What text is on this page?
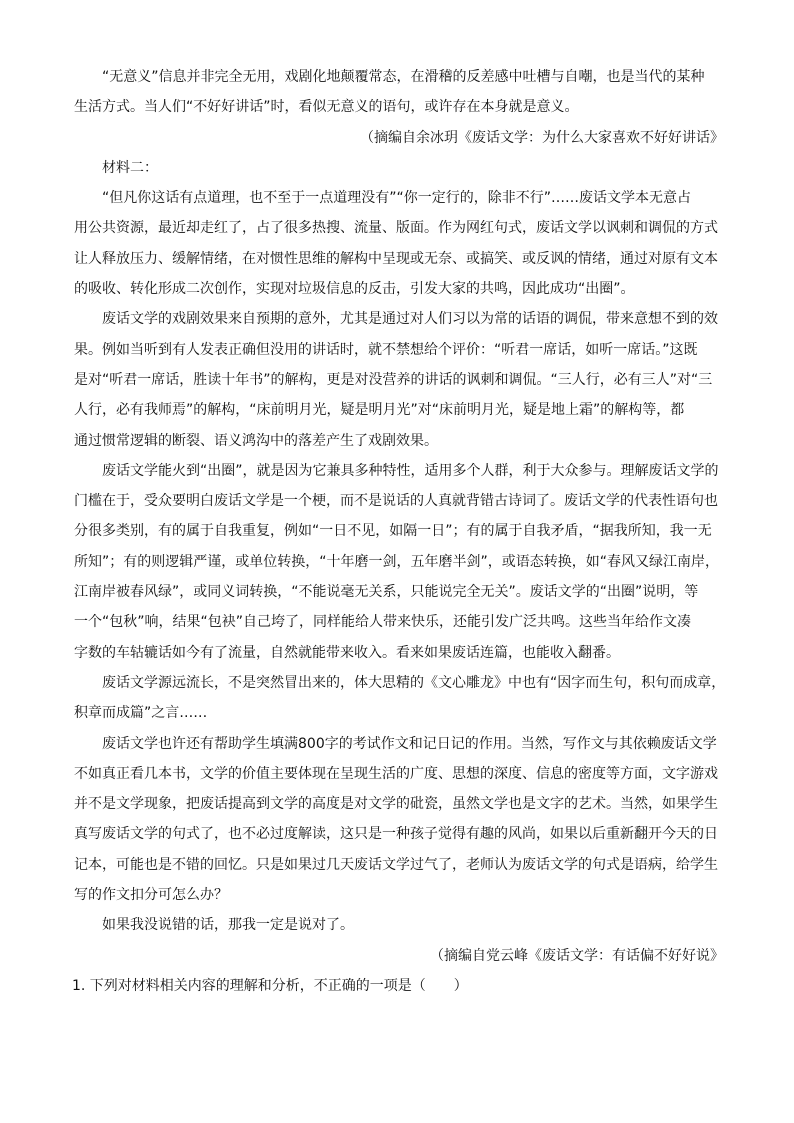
“无意义”信息并非完全无用，戏剧化地颠覆常态，在滑稽的反差感中吐槽与自嘲，也是当代的某种
生活方式。当人们“不好好讲话”时，看似无意义的语句，或许存在本身就是意义。

（摘编自余冰玥《废话文学：为什么大家喜欢不好好讲话》

材料二：

“但凡你这话有点道理，也不至于一点道理没有”“你一定行的，除非不行”……废话文学本无意占
用公共资源，最近却走红了，占了很多热搜、流量、版面。作为网红句式，废话文学以讽刺和调侃的方式
让人释放压力、缓解情绪，在对惯性思维的解构中呈现或无奈、或搞笑、或反讽的情绪，通过对原有文本
的吸收、转化形成二次创作，实现对垃圾信息的反击，引发大家的共鸣，因此成功“出圈”。

废话文学的戏剧效果来自预期的意外，尤其是通过对人们习以为常的话语的调侃，带来意想不到的效
果。例如当听到有人发表正确但没用的讲话时，就不禁想给个评价：“听君一席话，如听一席话。”这既
是对“听君一席话，胜读十年书”的解构，更是对没营养的讲话的讽刺和调侃。“三人行，必有三人”对“三
人行，必有我师焉”的解构，“床前明月光，疑是明月光”对“床前明月光，疑是地上霜”的解构等，都
通过惯常逻辑的断裂、语义鸿沟中的落差产生了戏剧效果。

废话文学能火到“出圈”，就是因为它兼具多种特性，适用多个人群，利于大众参与。理解废话文学的
门槛在于，受众要明白废话文学是一个梗，而不是说话的人真就背错古诗词了。废话文学的代表性语句也
分很多类别，有的属于自我重复，例如“一日不见，如隔一日”；有的属于自我矛盾，“据我所知，我一无
所知”；有的则逻辑严谨，或单位转换，“十年磨一剑，五年磨半剑”，或语态转换，如“春风又绿江南岸，
江南岸被春风绿”，或同义词转换，“不能说毫无关系，只能说完全无关”。废话文学的“出圈”说明，等
一个“包秋”响，结果“包袂”自己垮了，同样能给人带来快乐，还能引发广泛共鸣。这些当年给作文凑
字数的车轱辘话如今有了流量，自然就能带来收入。看来如果废话连篇，也能收入翻番。

废话文学源远流长，不是突然冒出来的，体大思精的《文心雕龙》中也有“因字而生句，积句而成章，
积章而成篇”之言……

废话文学也许还有帮助学生填满800字的考试作文和记日记的作用。当然，写作文与其依赖废话文学
不如真正看几本书，文学的价值主要体现在呈现生活的广度、思想的深度、信息的密度等方面，文字游戏
并不是文学现象，把废话提高到文学的高度是对文学的砒瓷，虽然文学也是文字的艺术。当然，如果学生
真写废话文学的句式了，也不必过度解读，这只是一种孩子觉得有趣的风尚，如果以后重新翻开今天的日
记本，可能也是不错的回忆。只是如果过几天废话文学过气了，老师认为废话文学的句式是语病，给学生
写的作文扣分可怎么办？

如果我没说错的话，那我一定是说对了。

（摘编自党云峰《废话文学：有话偏不好好说》

1. 下列对材料相关内容的理解和分析，不正确的一项是（　　）
